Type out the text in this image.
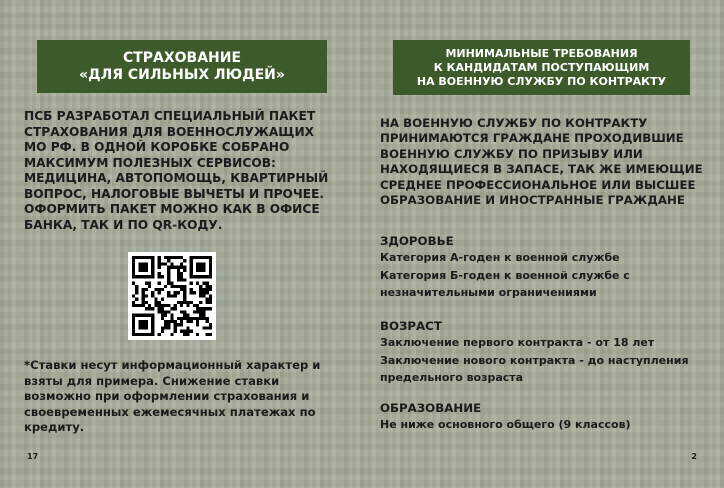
СТРАХОВАНИЕ
«ДЛЯ СИЛЬНЫХ ЛЮДЕЙ»
ПСБ РАЗРАБОТАЛ СПЕЦИАЛЬНЫЙ ПАКЕТ СТРАХОВАНИЯ ДЛЯ ВОЕННОСЛУЖАЩИХ МО РФ. В ОДНОЙ КОРОБКЕ СОБРАНО МАКСИМУМ ПОЛЕЗНЫХ СЕРВИСОВ: МЕДИЦИНА, АВТОПОМОЩЬ, КВАРТИРНЫЙ ВОПРОС, НАЛОГОВЫЕ ВЫЧЕТЫ И ПРОЧЕЕ. ОФОРМИТЬ ПАКЕТ МОЖНО КАК В ОФИСЕ БАНКА, ТАК И ПО QR-КОДУ.
*Ставки несут информационный характер и взяты для примера. Снижение ставки возможно при оформлении страхования и своевременных ежемесячных платежах по кредиту.
17
МИНИМАЛЬНЫЕ ТРЕБОВАНИЯ
К КАНДИДАТАМ ПОСТУПАЮЩИМ
НА ВОЕННУЮ СЛУЖБУ ПО КОНТРАКТУ
НА ВОЕННУЮ СЛУЖБУ ПО КОНТРАКТУ ПРИНИМАЮТСЯ ГРАЖДАНЕ ПРОХОДИВШИЕ ВОЕННУЮ СЛУЖБУ ПО ПРИЗЫВУ ИЛИ НАХОДЯЩИЕСЯ В ЗАПАСЕ, ТАК ЖЕ ИМЕЮЩИЕ СРЕДНЕЕ ПРОФЕССИОНАЛЬНОЕ ИЛИ ВЫСШЕЕ ОБРАЗОВАНИЕ И ИНОСТРАННЫЕ ГРАЖДАНЕ
ЗДОРОВЬЕ
Категория А-годен к военной службе
Категория Б-годен к военной службе с незначительными ограничениями
ВОЗРАСТ
Заключение первого контракта - от 18 лет
Заключение нового контракта - до наступления предельного возраста
ОБРАЗОВАНИЕ
Не ниже основного общего (9 классов)
2
